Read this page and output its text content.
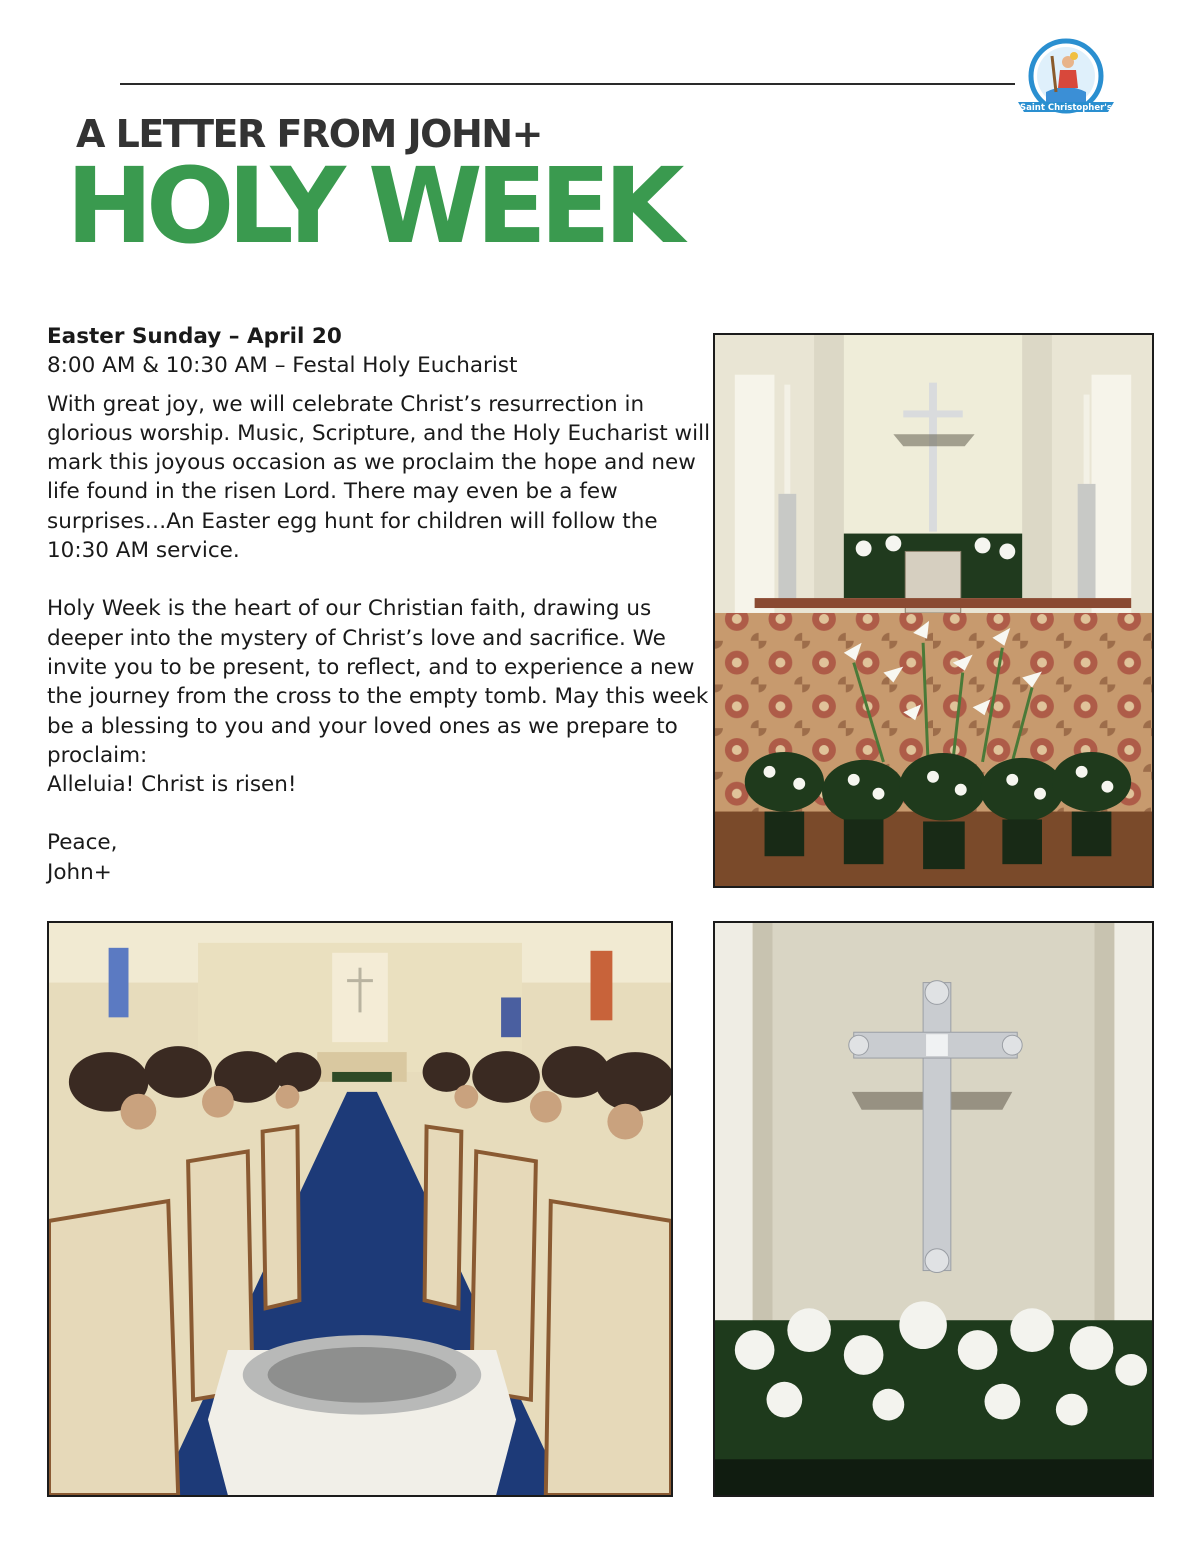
Saint Christopher's
A LETTER FROM JOHN+
HOLY WEEK

Easter Sunday – April 20

8:00 AM & 10:30 AM – Festal Holy Eucharist

With great joy, we will celebrate Christ’s resurrection in glorious worship. Music, Scripture, and the Holy Eucharist will mark this joyous occasion as we proclaim the hope and new life found in the risen Lord. There may even be a few surprises…An Easter egg hunt for children will follow the 10:30 AM service.

Holy Week is the heart of our Christian faith, drawing us deeper into the mystery of Christ’s love and sacrifice. We invite you to be present, to reflect, and to experience a new the journey from the cross to the empty tomb. May this week be a blessing to you and your loved ones as we prepare to proclaim:

Alleluia! Christ is risen!

Peace,

John+
